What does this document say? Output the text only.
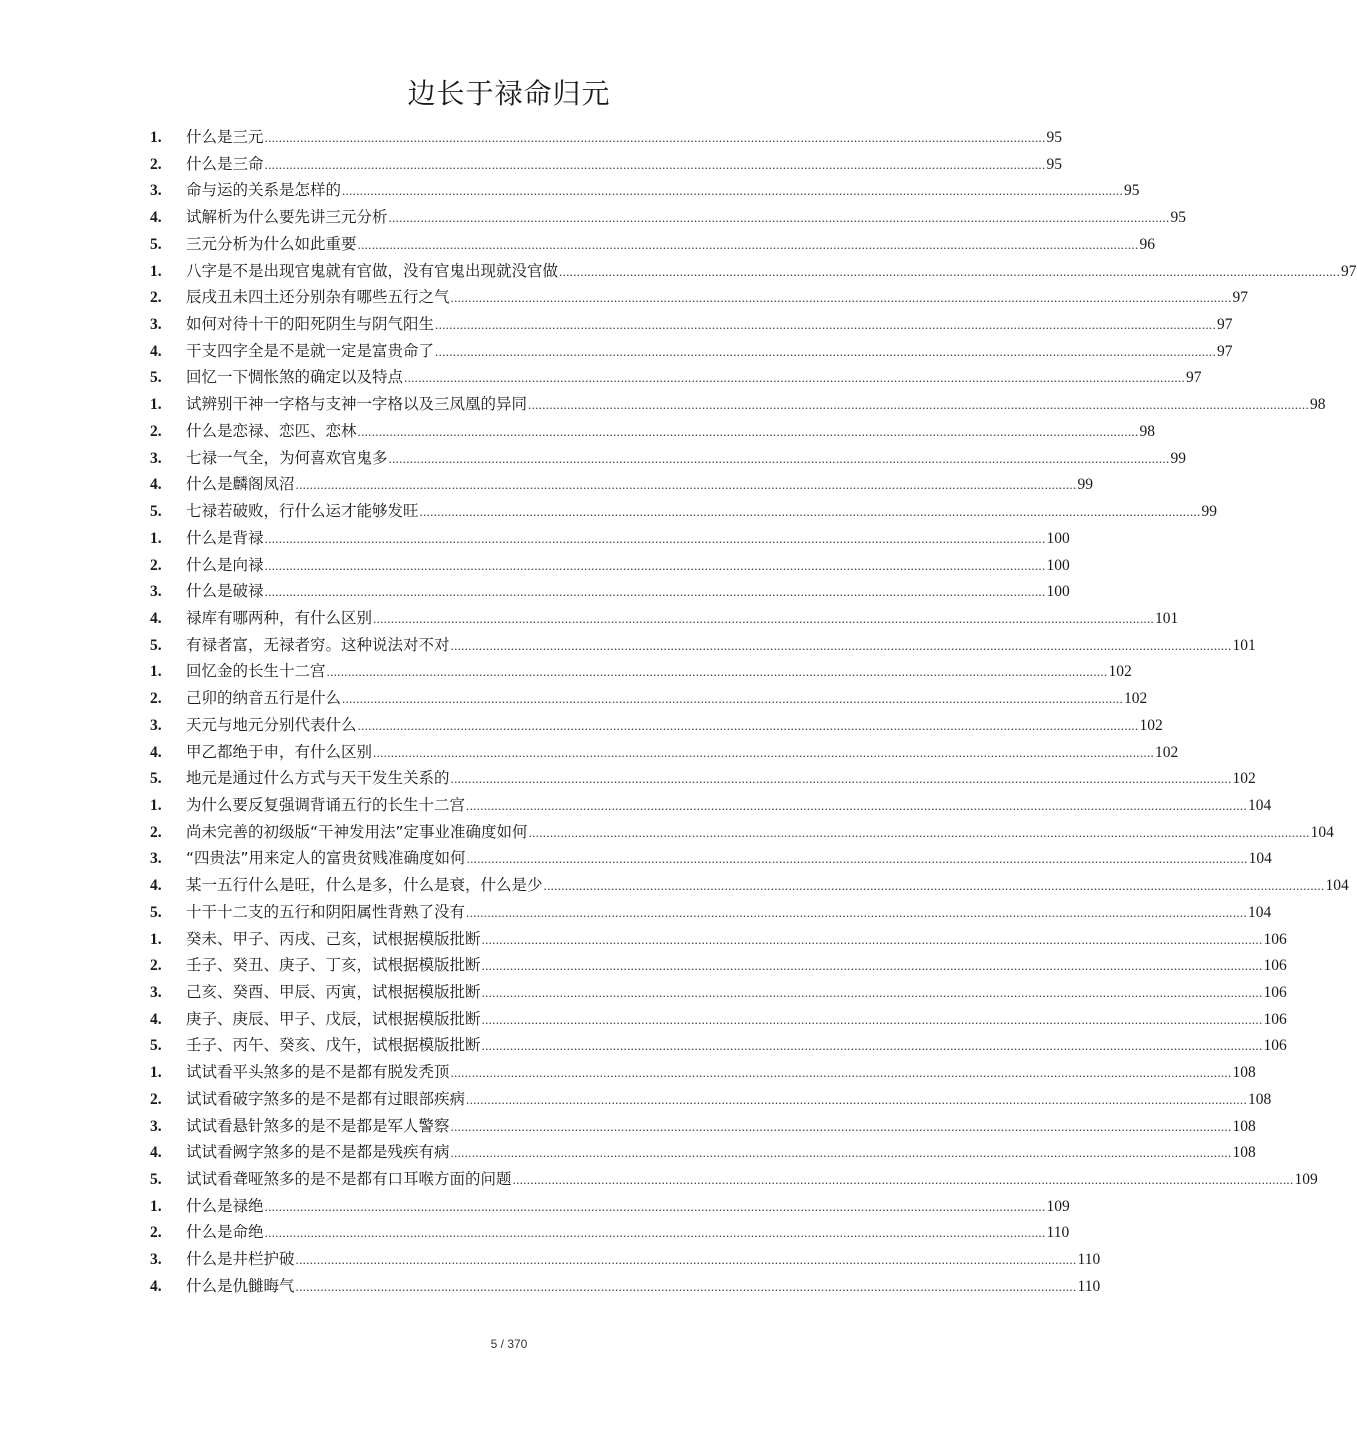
边长于禄命归元
1.	什么是三元 ............................................................................................................................................................................................................................ 95
2.	什么是三命 ............................................................................................................................................................................................................................ 95
3.	命与运的关系是怎样的 ............................................................................................................................................................................................................................ 95
4.	试解析为什么要先讲三元分析 ............................................................................................................................................................................................................................ 95
5.	三元分析为什么如此重要 ............................................................................................................................................................................................................................ 96
1.	八字是不是出现官鬼就有官做，没有官鬼出现就没官做 ............................................................................................................................................................................................................................ 97
2.	辰戌丑未四土还分别杂有哪些五行之气 ............................................................................................................................................................................................................................ 97
3.	如何对待十干的阳死阴生与阴气阳生 ............................................................................................................................................................................................................................ 97
4.	干支四字全是不是就一定是富贵命了 ............................................................................................................................................................................................................................ 97
5.	回忆一下惆怅煞的确定以及特点 ............................................................................................................................................................................................................................ 97
1.	试辨别干神一字格与支神一字格以及三凤凰的异同 ............................................................................................................................................................................................................................ 98
2.	什么是恋禄、恋匹、恋林 ............................................................................................................................................................................................................................ 98
3.	七禄一气全，为何喜欢官鬼多 ............................................................................................................................................................................................................................ 99
4.	什么是麟阁凤沼 ............................................................................................................................................................................................................................ 99
5.	七禄若破败，行什么运才能够发旺 ............................................................................................................................................................................................................................ 99
1.	什么是背禄 ............................................................................................................................................................................................................................ 100
2.	什么是向禄 ............................................................................................................................................................................................................................ 100
3.	什么是破禄 ............................................................................................................................................................................................................................ 100
4.	禄库有哪两种，有什么区别 ............................................................................................................................................................................................................................ 101
5.	有禄者富，无禄者穷。这种说法对不对 ............................................................................................................................................................................................................................ 101
1.	回忆金的长生十二宫 ............................................................................................................................................................................................................................ 102
2.	己卯的纳音五行是什么 ............................................................................................................................................................................................................................ 102
3.	天元与地元分别代表什么 ............................................................................................................................................................................................................................ 102
4.	甲乙都绝于申，有什么区别 ............................................................................................................................................................................................................................ 102
5.	地元是通过什么方式与天干发生关系的 ............................................................................................................................................................................................................................ 102
1.	为什么要反复强调背诵五行的长生十二宫 ............................................................................................................................................................................................................................ 104
2.	尚未完善的初级版“干神发用法”定事业准确度如何 ............................................................................................................................................................................................................................ 104
3.	“四贵法”用来定人的富贵贫贱准确度如何 ............................................................................................................................................................................................................................ 104
4.	某一五行什么是旺，什么是多，什么是衰，什么是少 ............................................................................................................................................................................................................................ 104
5.	十干十二支的五行和阴阳属性背熟了没有 ............................................................................................................................................................................................................................ 104
1.	癸未、甲子、丙戌、己亥，试根据模版批断 ............................................................................................................................................................................................................................ 106
2.	壬子、癸丑、庚子、丁亥，试根据模版批断 ............................................................................................................................................................................................................................ 106
3.	己亥、癸酉、甲辰、丙寅，试根据模版批断 ............................................................................................................................................................................................................................ 106
4.	庚子、庚辰、甲子、戊辰，试根据模版批断 ............................................................................................................................................................................................................................ 106
5.	壬子、丙午、癸亥、戊午，试根据模版批断 ............................................................................................................................................................................................................................ 106
1.	试试看平头煞多的是不是都有脱发秃顶 ............................................................................................................................................................................................................................ 108
2.	试试看破字煞多的是不是都有过眼部疾病 ............................................................................................................................................................................................................................ 108
3.	试试看悬针煞多的是不是都是军人警察 ............................................................................................................................................................................................................................ 108
4.	试试看阙字煞多的是不是都是残疾有病 ............................................................................................................................................................................................................................ 108
5.	试试看聋哑煞多的是不是都有口耳喉方面的问题 ............................................................................................................................................................................................................................ 109
1.	什么是禄绝 ............................................................................................................................................................................................................................ 109
2.	什么是命绝 ............................................................................................................................................................................................................................ 110
3.	什么是井栏护破 ............................................................................................................................................................................................................................ 110
4.	什么是仇雠晦气 ............................................................................................................................................................................................................................ 110
5 / 370
